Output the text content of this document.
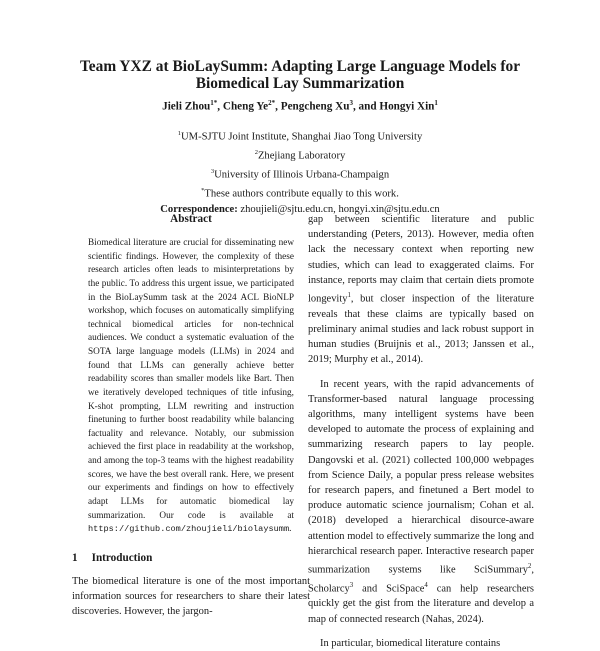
Team YXZ at BioLaySumm: Adapting Large Language Models for
Biomedical Lay Summarization
Jieli Zhou$^{1*}$, Cheng $Ye^{2*}$, Pengcheng Xu$^3$, and Hongyi Xin$^1$
$^1$UM-SJTU Joint Institute, Shanghai Jiao Tong University
$^2$Zhejiang Laboratory
$^3$University of Illinois Urbana-Champaign
*These authors contribute equally to this work.
Correspondence: zhoujieli@sjtu.edu.cn, hongyi.xin@sjtu.edu.cn
Abstract

Biomedical literature are crucial for disseminating new scientific findings. However, the complexity of these research articles often leads to misinterpretations by the public. To address this urgent issue, we participated in the BioLaySumm task at the 2024 ACL BioNLP workshop, which focuses on automatically simplifying technical biomedical articles for non-technical audiences. We conduct a systematic evaluation of the SOTA large language models (LLMs) in 2024 and found that LLMs can generally achieve better readability scores than smaller models like Bart. Then we iteratively developed techniques of title infusing, K-shot prompting, LLM rewriting and instruction finetuning to further boost readability while balancing factuality and relevance. Notably, our submission achieved the first place in readability at the workshop, and among the top-3 teams with the highest readability scores, we have the best overall rank. Here, we present our experiments and findings on how to effectively adapt LLMs for automatic biomedical lay summarization. Our code is available at https://github.com/zhoujieli/biolaysumm.

1 Introduction

The biomedical literature is one of the most important information sources for researchers to share their latest discoveries. However, the jargon-

gap between scientific literature and public understanding (Peters, 2013). However, media often lack the necessary context when reporting new studies, which can lead to exaggerated claims. For instance, reports may claim that certain diets promote longevity$^1$, but closer inspection of the literature reveals that these claims are typically based on preliminary animal studies and lack robust support in human studies (Bruijnis et al., 2013; Janssen et al., 2019; Murphy et al., 2014).

In recent years, with the rapid advancements of Transformer-based natural language processing algorithms, many intelligent systems have been developed to automate the process of explaining and summarizing research papers to lay people. Dangovski et al. (2021) collected 100,000 webpages from Science Daily, a popular press release websites for research papers, and finetuned a Bert model to produce automatic science journalism; Cohan et al. (2018) developed a hierarchical disource-aware attention model to effectively summarize the long and hierarchical research paper. Interactive research paper summarization systems like SciSummary$^2$, Scholarcy$^3$ and SciSpace$^4$ can help researchers quickly get the gist from the literature and develop a map of connected research (Nahas, 2024).

In particular, biomedical literature contains
